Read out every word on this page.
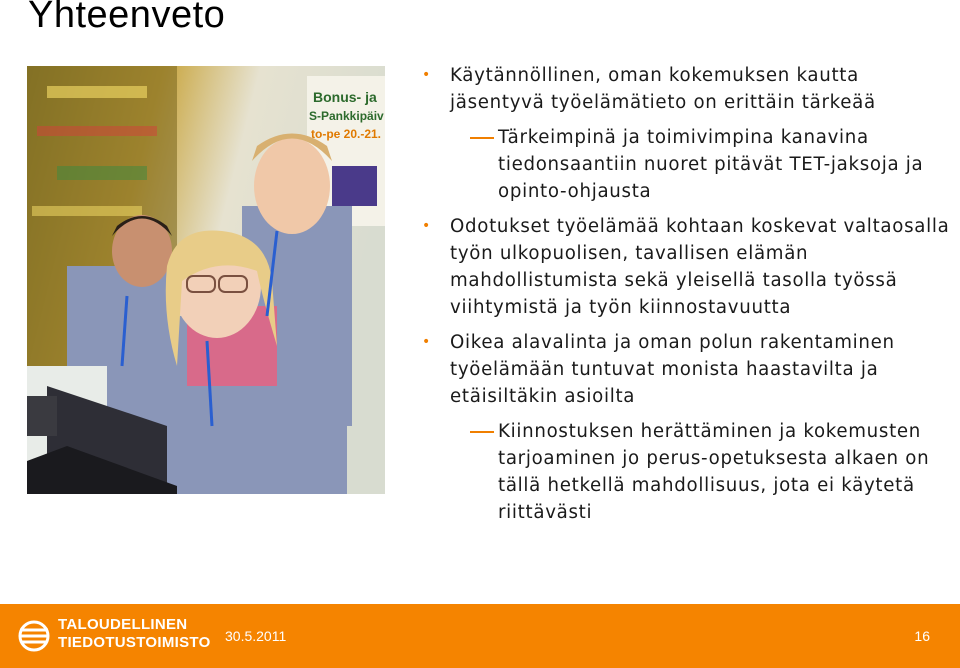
Yhteenveto
Bonus- ja
S-Pankkipäiv
to-pe 20.-21.
• Käytännöllinen, oman kokemuksen kautta jäsentyvä työelämätieto on erittäin tärkeää
Tärkeimpinä ja toimivimpina kanavina tiedonsaantiin nuoret pitävät TET-jaksoja ja opinto-ohjausta
• Odotukset työelämää kohtaan koskevat valtaosalla työn ulkopuolisen, tavallisen elämän mahdollistumista sekä yleisellä tasolla työssä viihtymistä ja työn kiinnostavuutta
• Oikea alavalinta ja oman polun rakentaminen työelämään tuntuvat monista haastavilta ja etäisiltäkin asioilta
Kiinnostuksen herättäminen ja kokemusten tarjoaminen jo perus-opetuksesta alkaen on tällä hetkellä mahdollisuus, jota ei käytetä riittävästi
TALOUDELLINEN
TIEDOTUSTOIMISTO 30.5.2011	16
